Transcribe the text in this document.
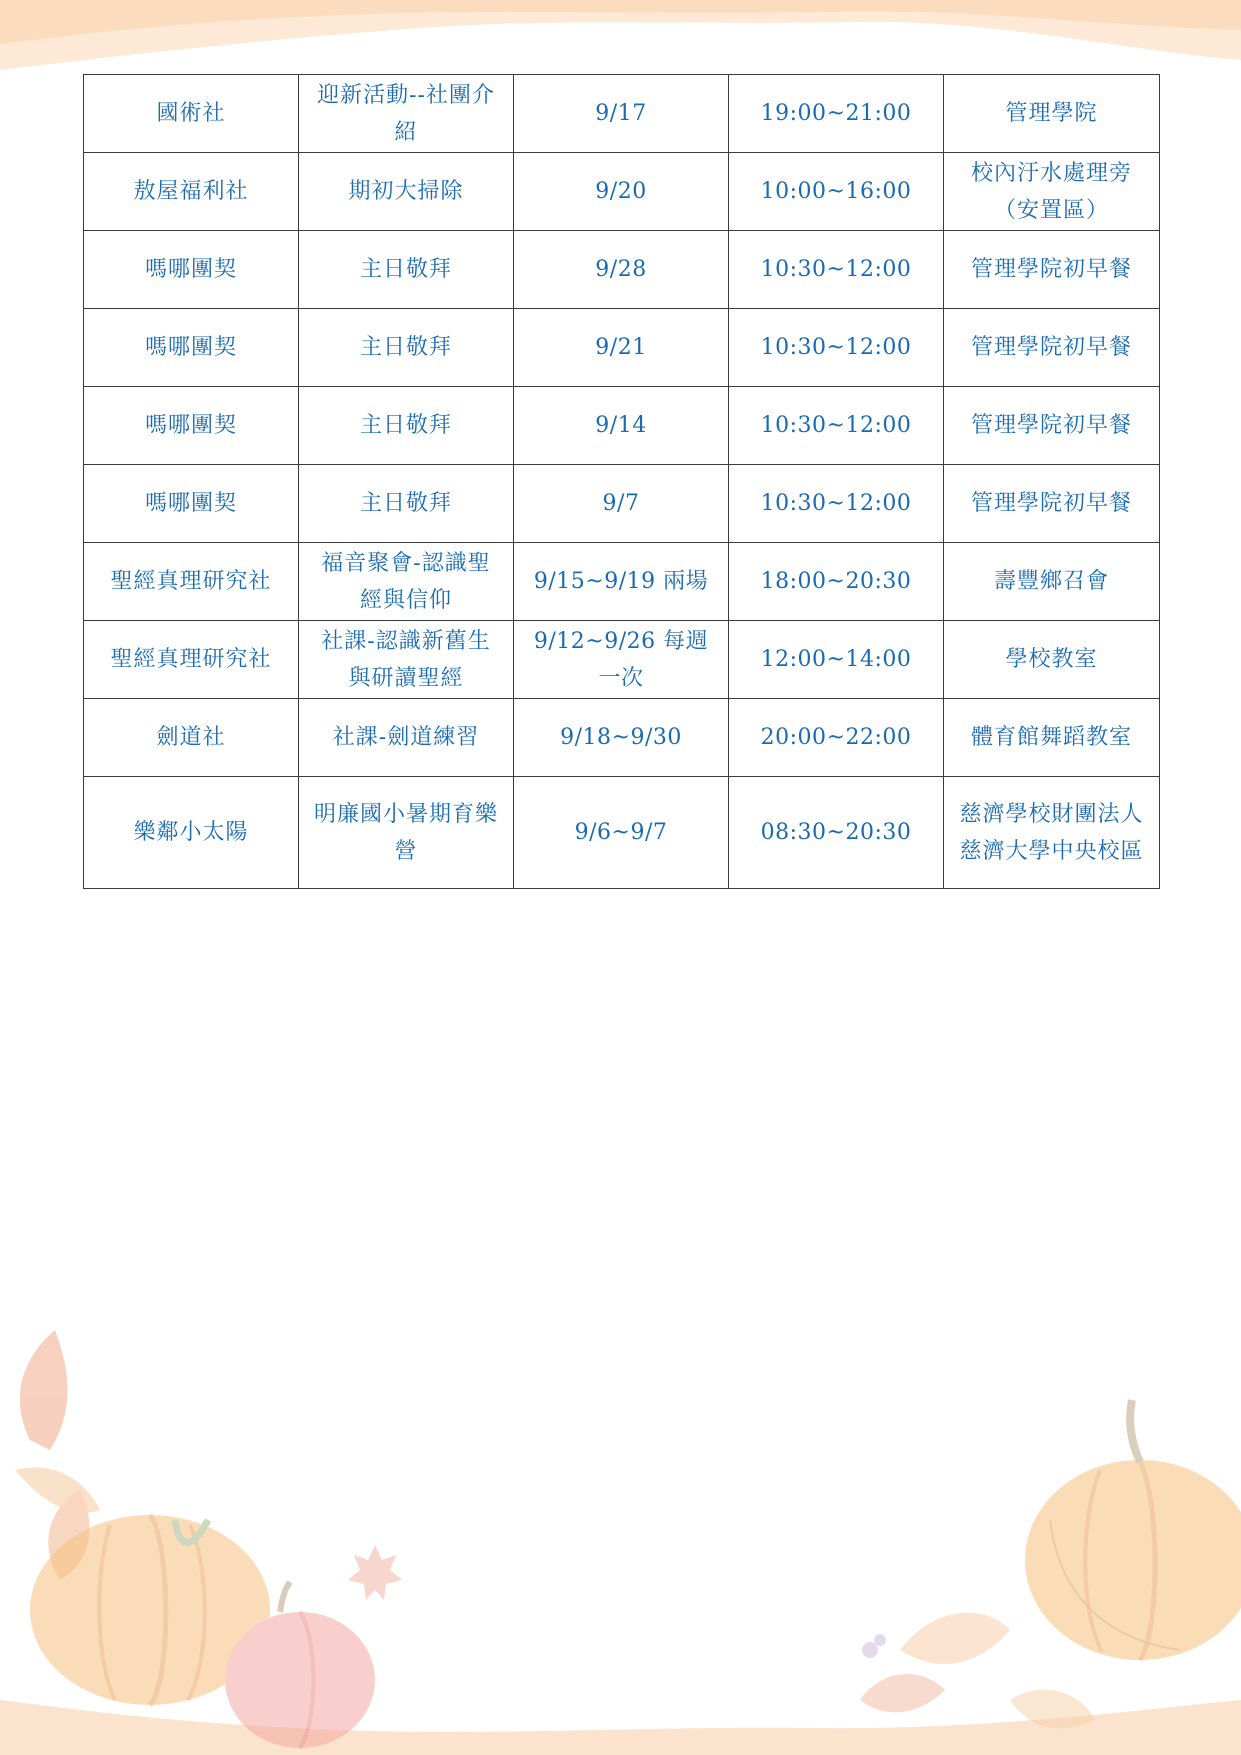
國術社	迎新活動--社團介紹	9/17	19:00~21:00	管理學院
敖屋福利社	期初大掃除	9/20	10:00~16:00	校內汙水處理旁（安置區）
嗎哪團契	主日敬拜	9/28	10:30~12:00	管理學院初早餐
嗎哪團契	主日敬拜	9/21	10:30~12:00	管理學院初早餐
嗎哪團契	主日敬拜	9/14	10:30~12:00	管理學院初早餐
嗎哪團契	主日敬拜	9/7	10:30~12:00	管理學院初早餐
聖經真理研究社	福音聚會-認識聖經與信仰	9/15~9/19 兩場	18:00~20:30	壽豐鄉召會
聖經真理研究社	社課-認識新舊生與研讀聖經	9/12~9/26 每週一次	12:00~14:00	學校教室
劍道社	社課-劍道練習	9/18~9/30	20:00~22:00	體育館舞蹈教室
樂鄰小太陽	明廉國小暑期育樂營	9/6~9/7	08:30~20:30	慈濟學校財團法人慈濟大學中央校區
